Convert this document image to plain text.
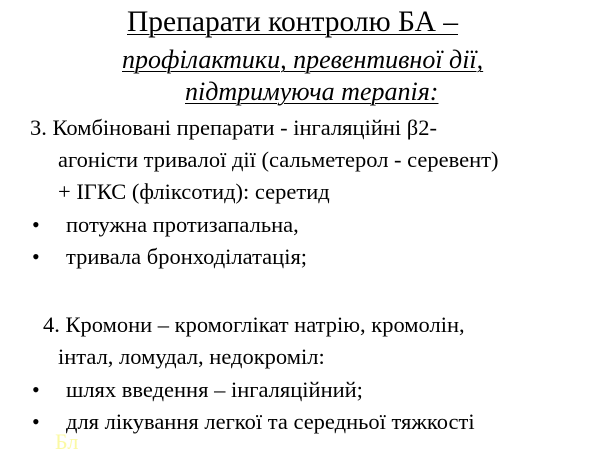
Препарати контролю БА –
профілактики, превентивної дії,
підтримуюча терапія:
3. Комбіновані препарати - інгаляційні β2-
агоністи тривалої дії (сальметерол - серевент)
+ ІГКС (фліксотид): серетид
• потужна протизапальна,
• тривала бронходілатація;
4. Кромони – кромоглікат натрію, кромолін,
інтал, ломудал, недокроміл:
• шлях введення – інгаляційний;
• для лікування легкої та середньої тяжкості
Бл
